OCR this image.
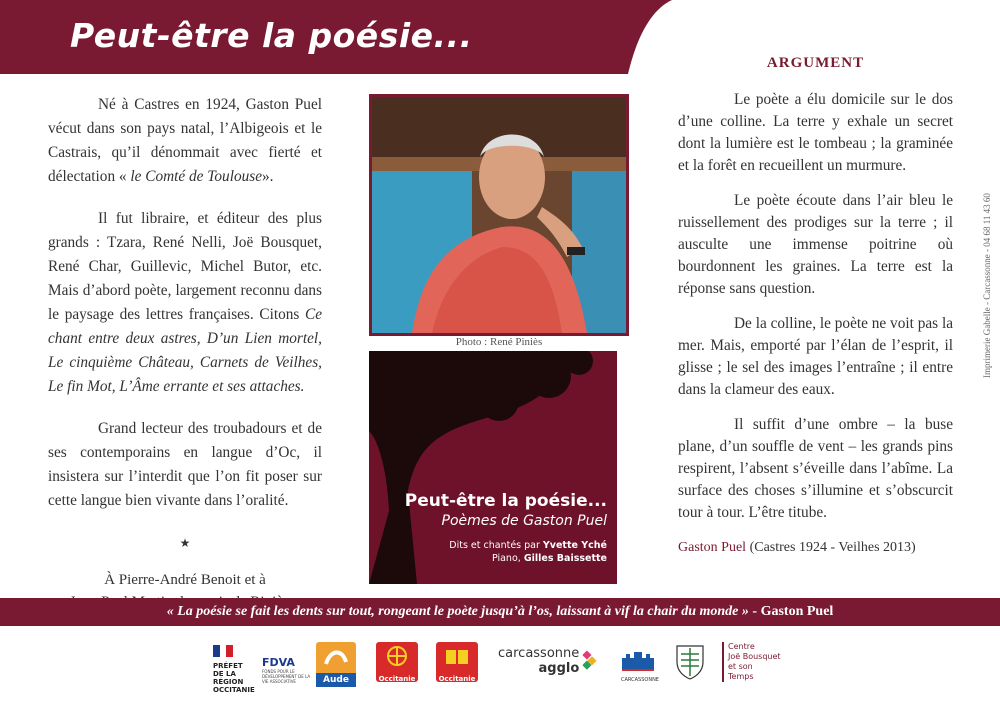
Peut-être la poésie...

Né à Castres en 1924, Gaston Puel vécut dans son pays natal, l’Albigeois et le Castrais, qu’il dénommait avec fierté et délectation « le Comté de Toulouse».

Il fut libraire, et éditeur des plus grands : Tzara, René Nelli, Joë Bousquet, René Char, Guillevic, Michel Butor, etc. Mais d’abord poète, largement reconnu dans le paysage des lettres françaises. Citons Ce chant entre deux astres, D’un Lien mortel, Le cinquième Château, Carnets de Veilhes, Le fin Mot, L’Âme errante et ses attaches.

Grand lecteur des troubadours et de ses contemporains en langue d’Oc, il insistera sur l’interdit que l’on fit poser sur cette langue bien vivante dans l’oralité.

★
À Pierre-André Benoit et à
Photo : René Piniès
Peut-être la poésie...
Poèmes de Gaston Puel
Dits et chantés par Yvette Yché
Piano, Gilles Baissette
ARGUMENT

Le poète a élu domicile sur le dos d’une colline. La terre y exhale un secret dont la lumière est le tombeau ; la graminée et la forêt en recueillent un murmure.

Le poète écoute dans l’air bleu le ruissellement des prodiges sur la terre ; il ausculte une immense poitrine où bourdonnent les graines. La terre est la réponse sans question.

De la colline, le poète ne voit pas la mer. Mais, emporté par l’élan de l’esprit, il glisse ; le sel des images l’entraîne ; il entre dans la clameur des eaux.

Il suffit d’une ombre – la buse plane, d’un souffle de vent – les grands pins respirent, l’absent s’éveille dans l’abîme. La surface des choses s’illumine et s’obscurcit tour à tour. L’être titube.

Gaston Puel (Castres 1924 - Veilhes 2013)

Imprimerie Gabelle - Carcassonne - 04 68 11 43 60
« La poésie se fait les dents sur tout, rongeant le poète jusqu’à l’os, laissant à vif la chair du monde » - Gaston Puel
PRÉFET
DE LA RÉGION
OCCITANIE
FDVA
FONDS POUR LE DÉVELOPPEMENT DE LA VIE ASSOCIATIVE	Aude	Occitanie	Occitanie
carcassonne
agglo
CARCASSONNE
Centre
Joë Bousquet
et son
Temps
